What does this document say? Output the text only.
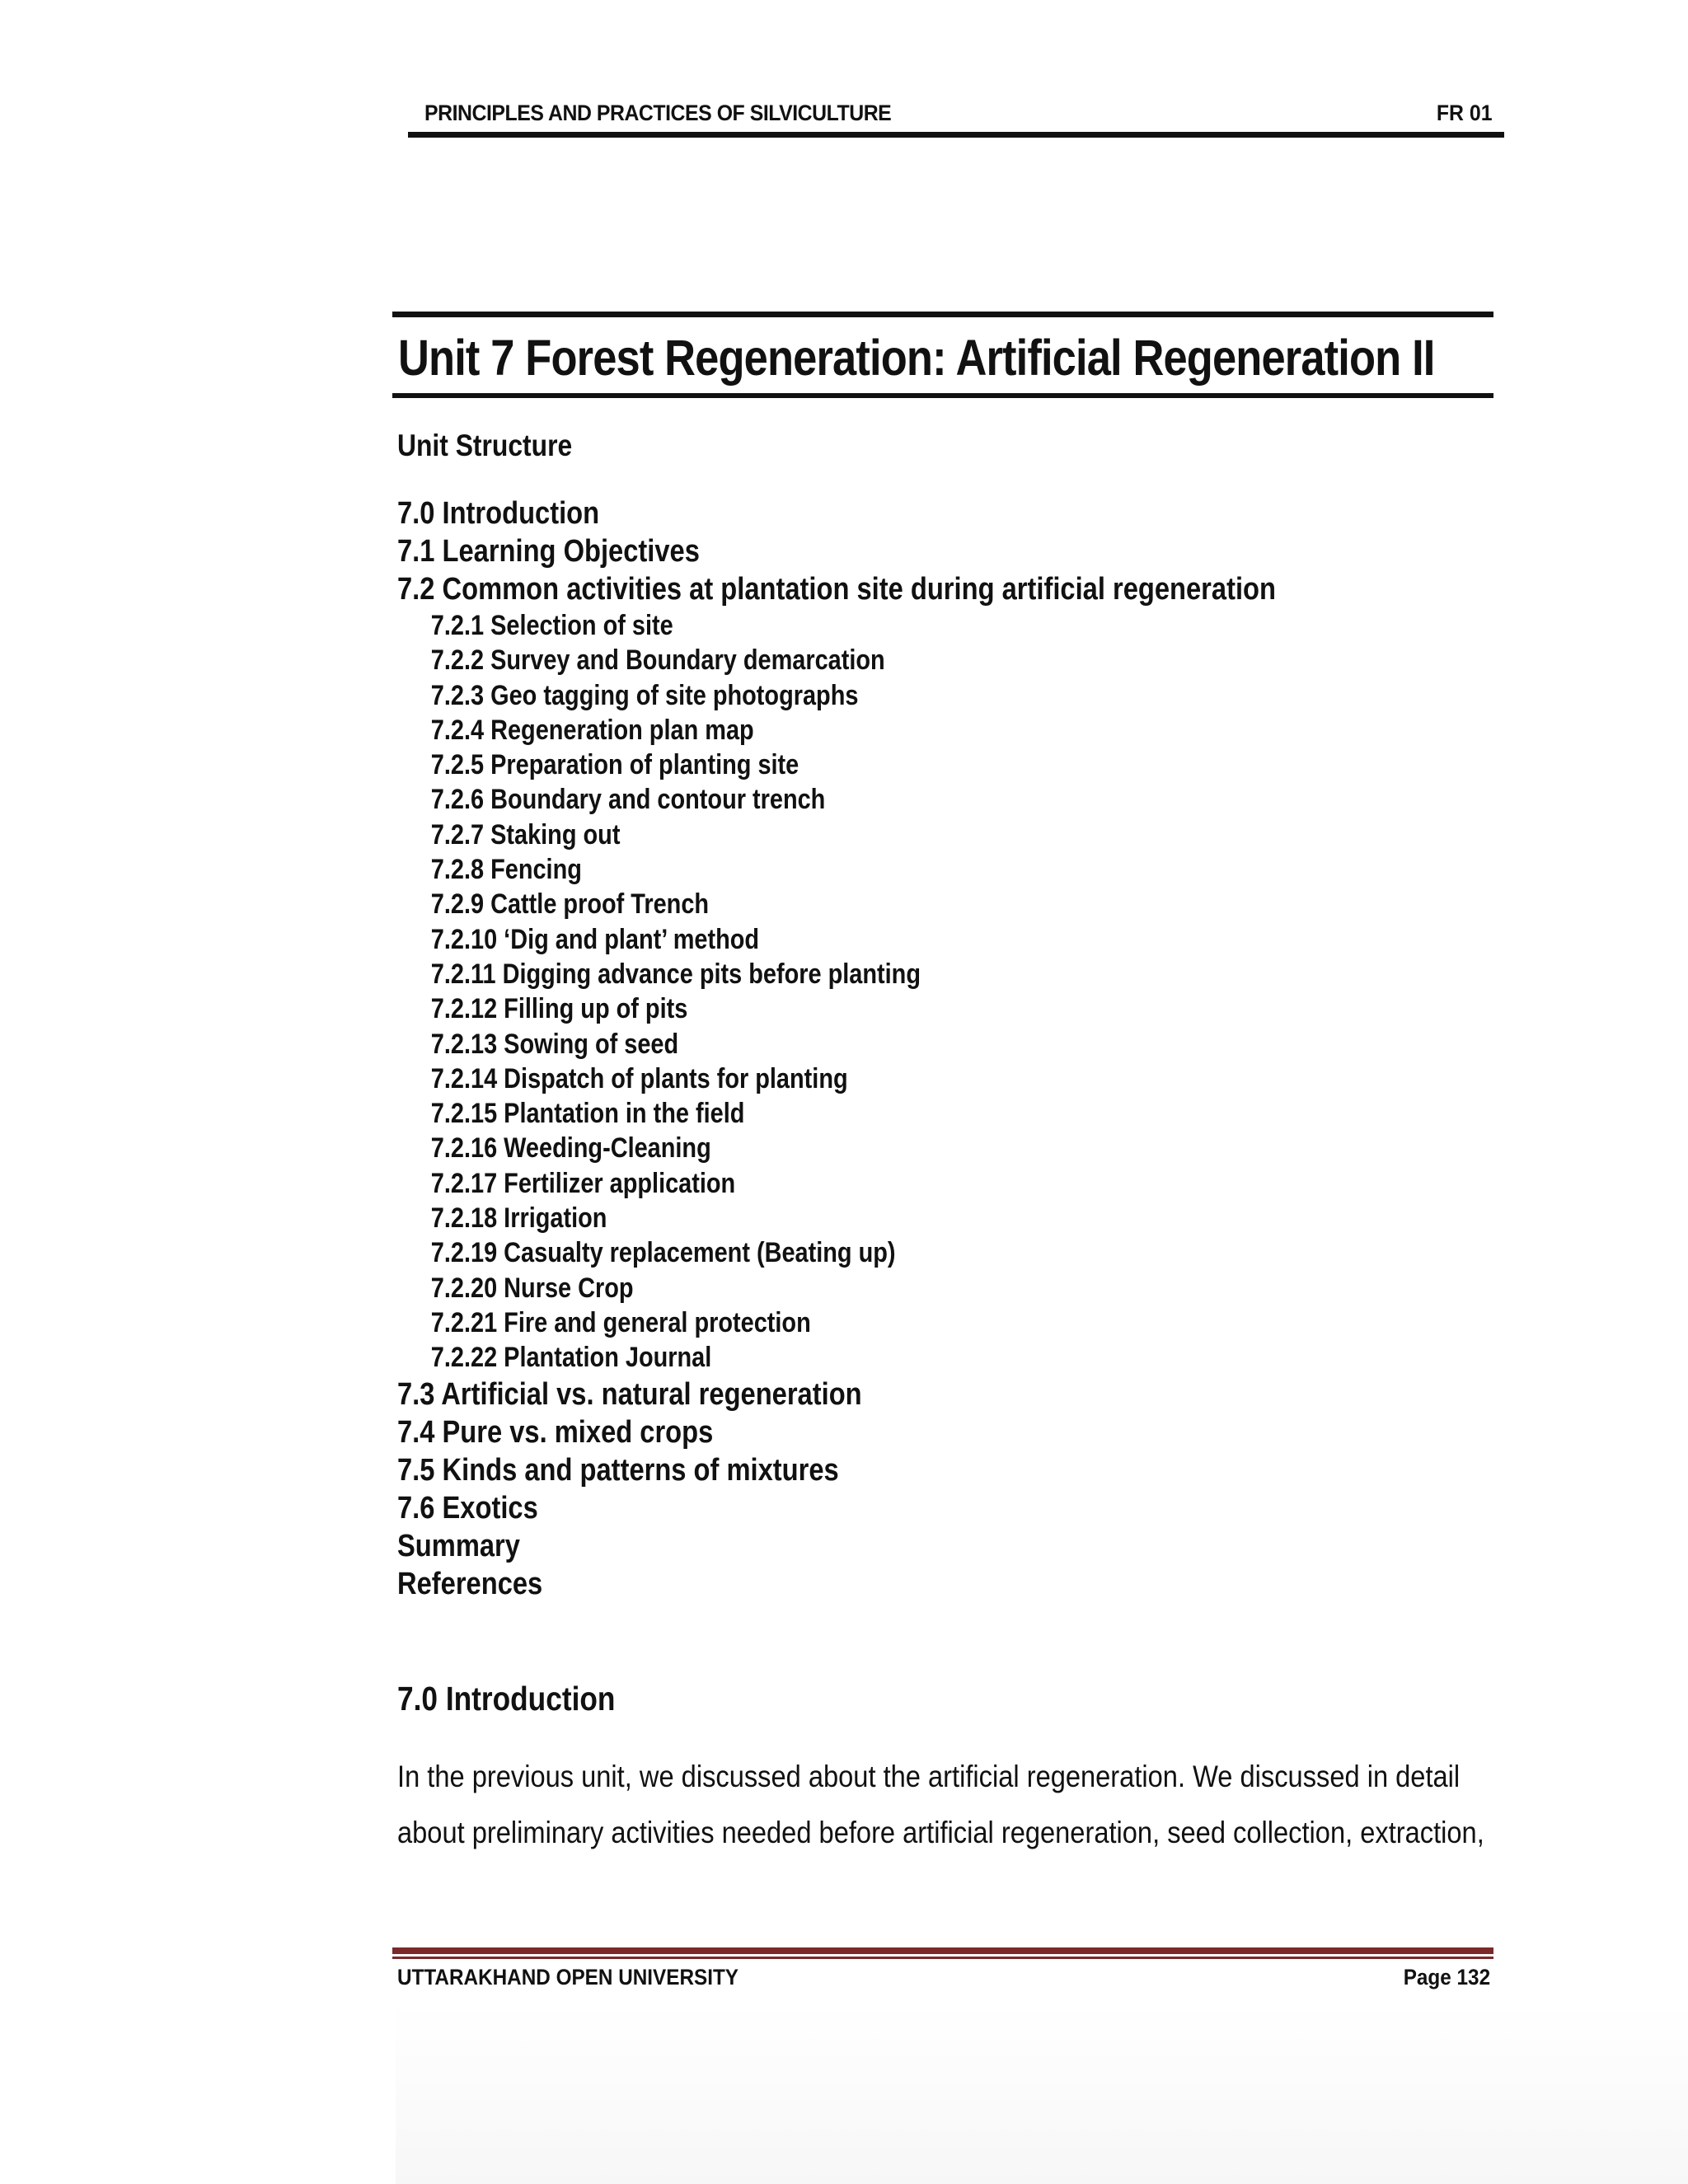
PRINCIPLES AND PRACTICES OF SILVICULTURE	FR 01
Unit 7 Forest Regeneration: Artificial Regeneration II
Unit Structure
7.0 Introduction
7.1 Learning Objectives
7.2 Common activities at plantation site during artificial regeneration
7.2.1 Selection of site
7.2.2 Survey and Boundary demarcation
7.2.3 Geo tagging of site photographs
7.2.4 Regeneration plan map
7.2.5 Preparation of planting site
7.2.6 Boundary and contour trench
7.2.7 Staking out
7.2.8 Fencing
7.2.9 Cattle proof Trench
7.2.10 ‘Dig and plant’ method
7.2.11 Digging advance pits before planting
7.2.12 Filling up of pits
7.2.13 Sowing of seed
7.2.14 Dispatch of plants for planting
7.2.15 Plantation in the field
7.2.16 Weeding-Cleaning
7.2.17 Fertilizer application
7.2.18 Irrigation
7.2.19 Casualty replacement (Beating up)
7.2.20 Nurse Crop
7.2.21 Fire and general protection
7.2.22 Plantation Journal
7.3 Artificial vs. natural regeneration
7.4 Pure vs. mixed crops
7.5 Kinds and patterns of mixtures
7.6 Exotics
Summary
References
7.0 Introduction
In the previous unit, we discussed about the artificial regeneration. We discussed in detail
about preliminary activities needed before artificial regeneration, seed collection, extraction,
UTTARAKHAND OPEN UNIVERSITY	Page 132
